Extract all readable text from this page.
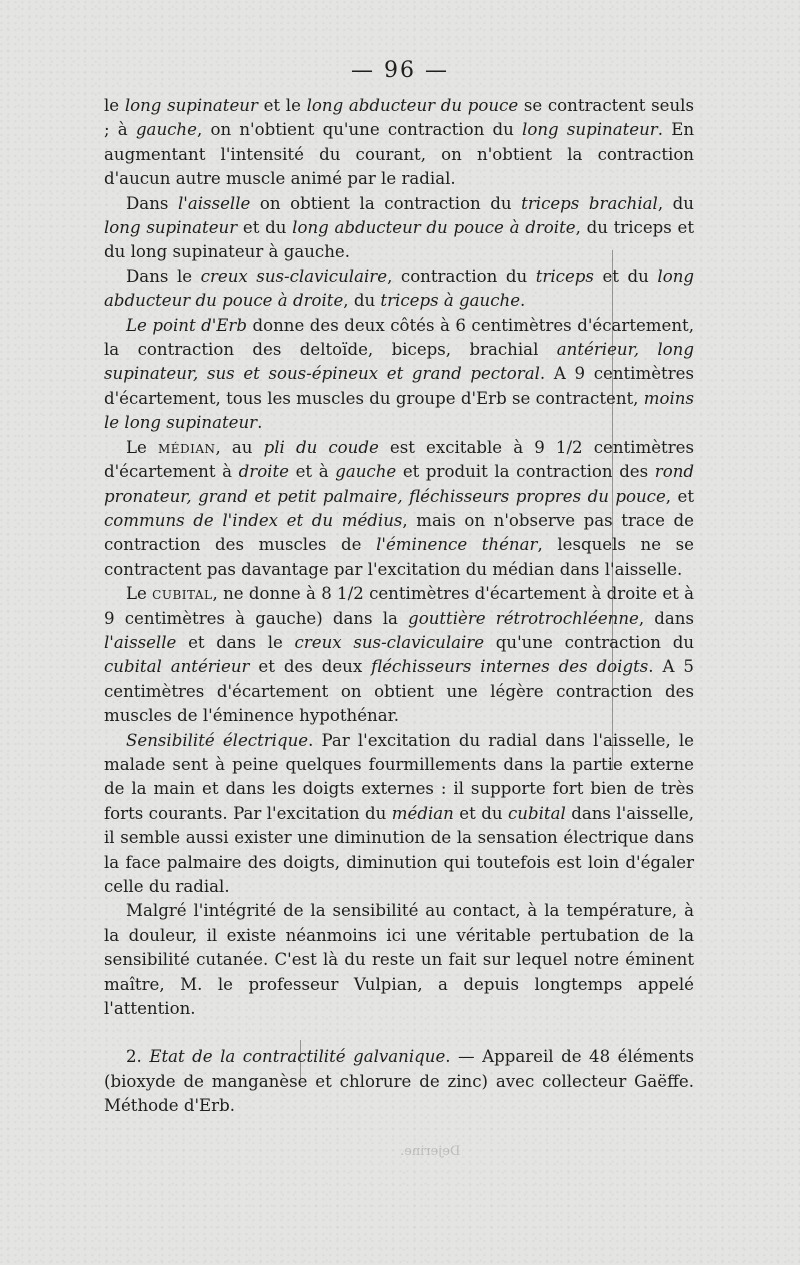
— 96 —

le long supinateur et le long abducteur du pouce se contractent seuls ; à gauche, on n'obtient qu'une contraction du long supinateur. En augmentant l'intensité du courant, on n'obtient la contraction d'aucun autre muscle animé par le radial.

Dans l'aisselle on obtient la contraction du triceps brachial, du long supinateur et du long abducteur du pouce à droite, du triceps et du long supinateur à gauche.

Dans le creux sus-claviculaire, contraction du triceps et du long abducteur du pouce à droite, du triceps à gauche.

Le point d'Erb donne des deux côtés à 6 centimètres d'écartement, la contraction des deltoïde, biceps, brachial antérieur, long supinateur, sus et sous-épineux et grand pectoral. A 9 centimètres d'écartement, tous les muscles du groupe d'Erb se contractent, moins le long supinateur.

Le médian, au pli du coude est excitable à 9 1/2 centimètres d'écartement à droite et à gauche et produit la contraction des rond pronateur, grand et petit palmaire, fléchisseurs propres du pouce, et communs de l'index et du médius, mais on n'observe pas trace de contraction des muscles de l'éminence thénar, lesquels ne se contractent pas davantage par l'excitation du médian dans l'aisselle.

Le cubital, ne donne à 8 1/2 centimètres d'écartement à droite et à 9 centimètres à gauche) dans la gouttière rétrotrochléenne, dans l'aisselle et dans le creux sus-claviculaire qu'une contraction du cubital antérieur et des deux fléchisseurs internes des doigts. A 5 centimètres d'écartement on obtient une légère contraction des muscles de l'éminence hypothénar.

Sensibilité électrique. Par l'excitation du radial dans l'aisselle, le malade sent à peine quelques fourmillements dans la partie externe de la main et dans les doigts externes : il supporte fort bien de très forts courants. Par l'excitation du médian et du cubital dans l'aisselle, il semble aussi exister une diminution de la sensation électrique dans la face palmaire des doigts, diminution qui toutefois est loin d'égaler celle du radial.

Malgré l'intégrité de la sensibilité au contact, à la température, à la douleur, il existe néanmoins ici une véritable pertubation de la sensibilité cutanée. C'est là du reste un fait sur lequel notre éminent maître, M. le professeur Vulpian, a depuis longtemps appelé l'attention.

2. Etat de la contractilité galvanique. — Appareil de 48 éléments (bioxyde de manganèse et chlorure de zinc) avec collecteur Gaëffe. Méthode d'Erb.

Dejerine.
